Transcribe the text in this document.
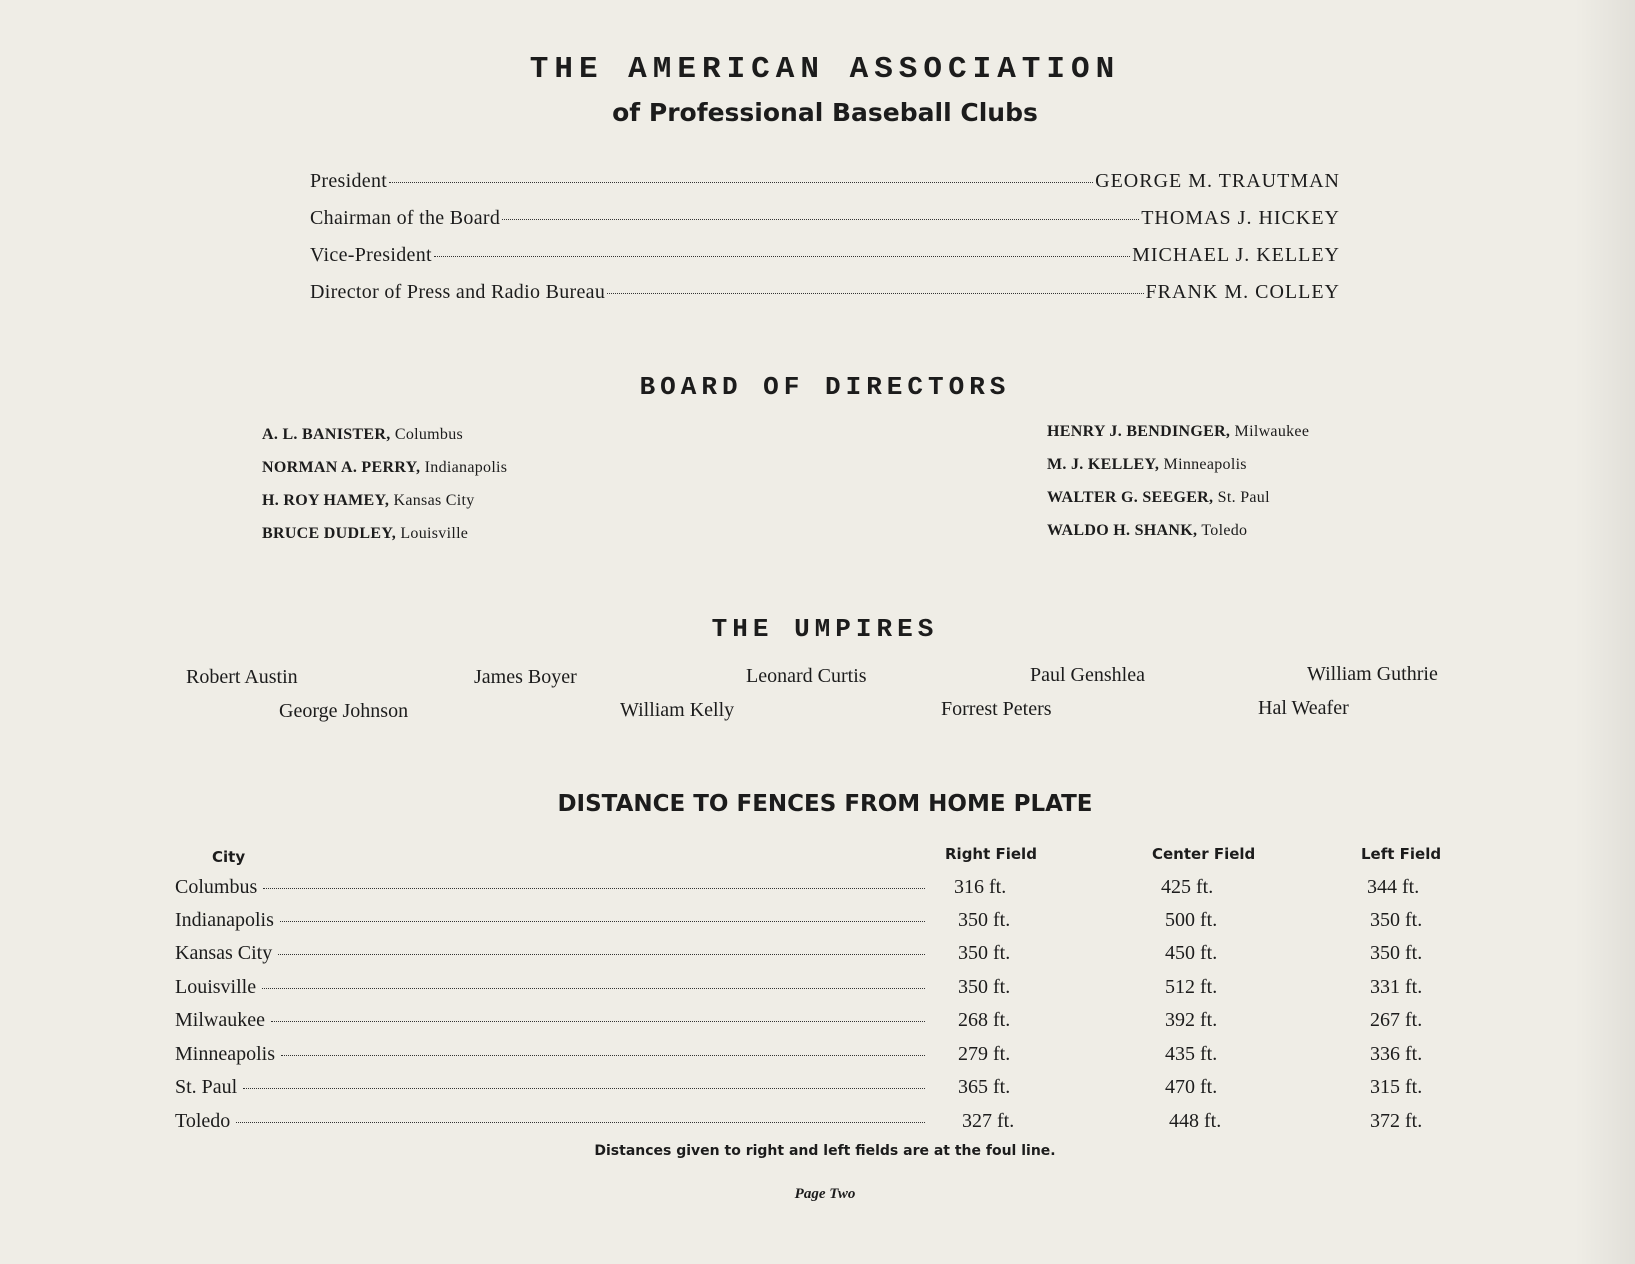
THE AMERICAN ASSOCIATION
of Professional Baseball Clubs
President	GEORGE M. TRAUTMAN
Chairman of the Board	THOMAS J. HICKEY
Vice-President	MICHAEL J. KELLEY
Director of Press and Radio Bureau	FRANK M. COLLEY
BOARD OF DIRECTORS
A. L. BANISTER, Columbus
NORMAN A. PERRY, Indianapolis
H. ROY HAMEY, Kansas City
BRUCE DUDLEY, Louisville
HENRY J. BENDINGER, Milwaukee
M. J. KELLEY, Minneapolis
WALTER G. SEEGER, St. Paul
WALDO H. SHANK, Toledo
THE UMPIRES
Robert Austin	James Boyer	Leonard Curtis	Paul Genshlea	William Guthrie
George Johnson	William Kelly	Forrest Peters	Hal Weafer
DISTANCE TO FENCES FROM HOME PLATE
City	Right Field	Center Field	Left Field
Columbus	316 ft.	425 ft.	344 ft.
Indianapolis	350 ft.	500 ft.	350 ft.
Kansas City	350 ft.	450 ft.	350 ft.
Louisville	350 ft.	512 ft.	331 ft.
Milwaukee	268 ft.	392 ft.	267 ft.
Minneapolis	279 ft.	435 ft.	336 ft.
St. Paul	365 ft.	470 ft.	315 ft.
Toledo	327 ft.	448 ft.	372 ft.
Distances given to right and left fields are at the foul line.
Page Two
